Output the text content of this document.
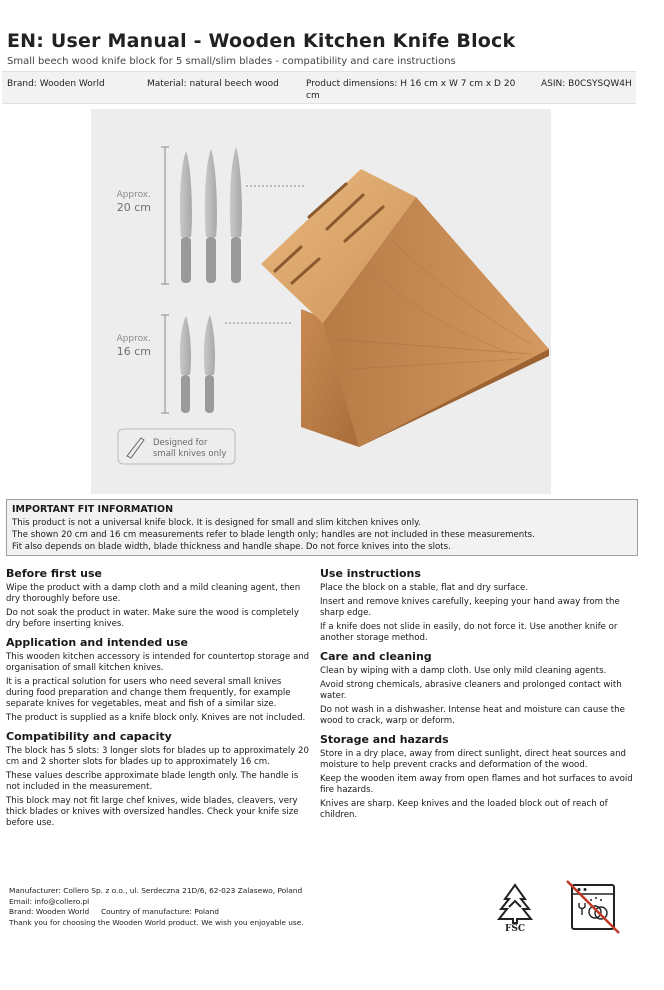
EN: User Manual - Wooden Kitchen Knife Block
Small beech wood knife block for 5 small/slim blades - compatibility and care instructions
Brand: Wooden World	Material: natural beech wood	Product dimensions: H 16 cm x W 7 cm x D 20 cm
ASIN: B0CSYSQW4H
Approx.
20 cm
Approx.
16 cm
Designed for
small knives only
IMPORTANT FIT INFORMATION
This product is not a universal knife block. It is designed for small and slim kitchen knives only.
The shown 20 cm and 16 cm measurements refer to blade length only; handles are not included in these measurements.
Fit also depends on blade width, blade thickness and handle shape. Do not force knives into the slots.
Before first use
Wipe the product with a damp cloth and a mild cleaning agent, then dry thoroughly before use.
Do not soak the product in water. Make sure the wood is completely dry before inserting knives.
Application and intended use
This wooden kitchen accessory is intended for countertop storage and organisation of small kitchen knives.
It is a practical solution for users who need several small knives during food preparation and change them frequently, for example separate knives for vegetables, meat and fish of a similar size.
The product is supplied as a knife block only. Knives are not included.
Compatibility and capacity
The block has 5 slots: 3 longer slots for blades up to approximately 20 cm and 2 shorter slots for blades up to approximately 16 cm.
These values describe approximate blade length only. The handle is not included in the measurement.
This block may not fit large chef knives, wide blades, cleavers, very thick blades or knives with oversized handles. Check your knife size before use.
Use instructions
Place the block on a stable, flat and dry surface.
Insert and remove knives carefully, keeping your hand away from the sharp edge.
If a knife does not slide in easily, do not force it. Use another knife or another storage method.
Care and cleaning
Clean by wiping with a damp cloth. Use only mild cleaning agents.
Avoid strong chemicals, abrasive cleaners and prolonged contact with water.
Do not wash in a dishwasher. Intense heat and moisture can cause the wood to crack, warp or deform.
Storage and hazards
Store in a dry place, away from direct sunlight, direct heat sources and moisture to help prevent cracks and deformation of the wood.
Keep the wooden item away from open flames and hot surfaces to avoid fire hazards.
Knives are sharp. Keep knives and the loaded block out of reach of children.
Manufacturer: Collero Sp. z o.o., ul. Serdeczna 21D/6, 62-023 Zalasewo, Poland
Email: info@collero.pl
Brand: Wooden World     Country of manufacture: Poland
Thank you for choosing the Wooden World product. We wish you enjoyable use.
FSC
